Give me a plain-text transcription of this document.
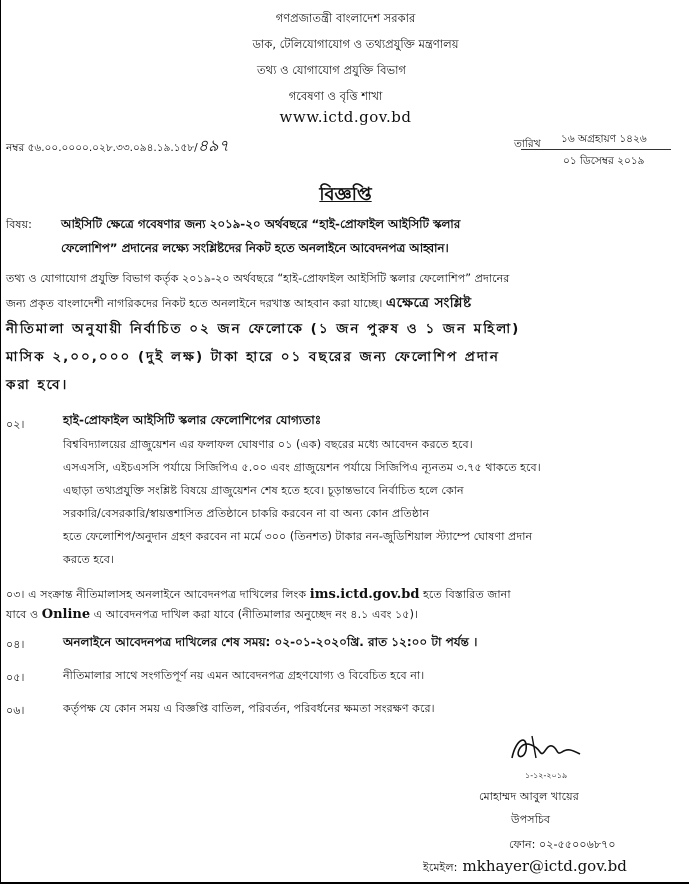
গণপ্রজাতন্ত্রী বাংলাদেশ সরকার
ডাক, টেলিযোগাযোগ ও তথ্যপ্রযুক্তি মন্ত্রণালয়
তথ্য ও যোগাযোগ প্রযুক্তি বিভাগ
গবেষণা ও বৃত্তি শাখা
www.ictd.gov.bd
নম্বর ৫৬.০০.০০০০.০২৮.৩৩.০৯৪.১৯.১৫৮/৪৯৭	তারিখ ১৬ অগ্রহায়ণ ১৪২৬
০১ ডিসেম্বর ২০১৯
বিজ্ঞপ্তি
বিষয়: আইসিটি ক্ষেত্রে গবেষণার জন্য ২০১৯-২০ অর্থবছরে “হাই-প্রোফাইল আইসিটি স্কলার
ফেলোশিপ” প্রদানের লক্ষ্যে সংশ্লিষ্টদের নিকট হতে অনলাইনে আবেদনপত্র আহ্বান।
তথ্য ও যোগাযোগ প্রযুক্তি বিভাগ কর্তৃক ২০১৯-২০ অর্থবছরে “হাই-প্রোফাইল আইসিটি স্কলার ফেলোশিপ” প্রদানের
জন্য প্রকৃত বাংলাদেশী নাগরিকদের নিকট হতে অনলাইনে দরখাস্ত আহবান করা যাচ্ছে। এক্ষেত্রে সংশ্লিষ্ট
নীতিমালা অনুযায়ী নির্বাচিত ০২ জন ফেলোকে (১ জন পুরুষ ও ১ জন মহিলা)
মাসিক ২,০০,০০০ (দুই লক্ষ) টাকা হারে ০১ বছরের জন্য ফেলোশিপ প্রদান
করা হবে।
০২।	হাই-প্রোফাইল আইসিটি স্কলার ফেলোশিপের যোগ্যতাঃ
বিশ্ববিদ্যালয়ের গ্রাজুয়েশন এর ফলাফল ঘোষণার ০১ (এক) বছরের মধ্যে আবেদন করতে হবে।
এসএসসি, এইচএসসি পর্যায়ে সিজিপিএ ৫.০০ এবং গ্রাজুয়েশন পর্যায়ে সিজিপিএ ন্যূনতম ৩.৭৫ থাকতে হবে।
এছাড়া তথ্যপ্রযুক্তি সংশ্লিষ্ট বিষয়ে গ্রাজুয়েশন শেষ হতে হবে। চূড়ান্তভাবে নির্বাচিত হলে কোন
সরকারি/বেসরকারি/স্বায়ত্তশাসিত প্রতিষ্ঠানে চাকরি করবেন না বা অন্য কোন প্রতিষ্ঠান
হতে ফেলোশিপ/অনুদান গ্রহণ করবেন না মর্মে ৩০০ (তিনশত) টাকার নন-জুডিশিয়াল স্ট্যাম্পে ঘোষণা প্রদান
করতে হবে।
০৩। এ সংক্রান্ত নীতিমালাসহ অনলাইনে আবেদনপত্র দাখিলের লিংক ims.ictd.gov.bd হতে বিস্তারিত জানা
যাবে ও Online এ আবেদনপত্র দাখিল করা যাবে (নীতিমালার অনুচ্ছেদ নং ৪.১ এবং ১৫)।
০৪।	অনলাইনে আবেদনপত্র দাখিলের শেষ সময়: ০২-০১-২০২০খ্রি. রাত ১২:০০ টা পর্যন্ত ।
০৫।	নীতিমালার সাথে সংগতিপূর্ণ নয় এমন আবেদনপত্র গ্রহণযোগ্য ও বিবেচিত হবে না।
০৬।	কর্তৃপক্ষ যে কোন সময় এ বিজ্ঞপ্তি বাতিল, পরিবর্তন, পরিবর্ধনের ক্ষমতা সংরক্ষণ করে।
১-১২-২০১৯
মোহাম্মদ আবুল খায়ের
উপসচিব
ফোন: ০২-৫৫০০৬৮৭০
ইমেইল: mkhayer@ictd.gov.bd
